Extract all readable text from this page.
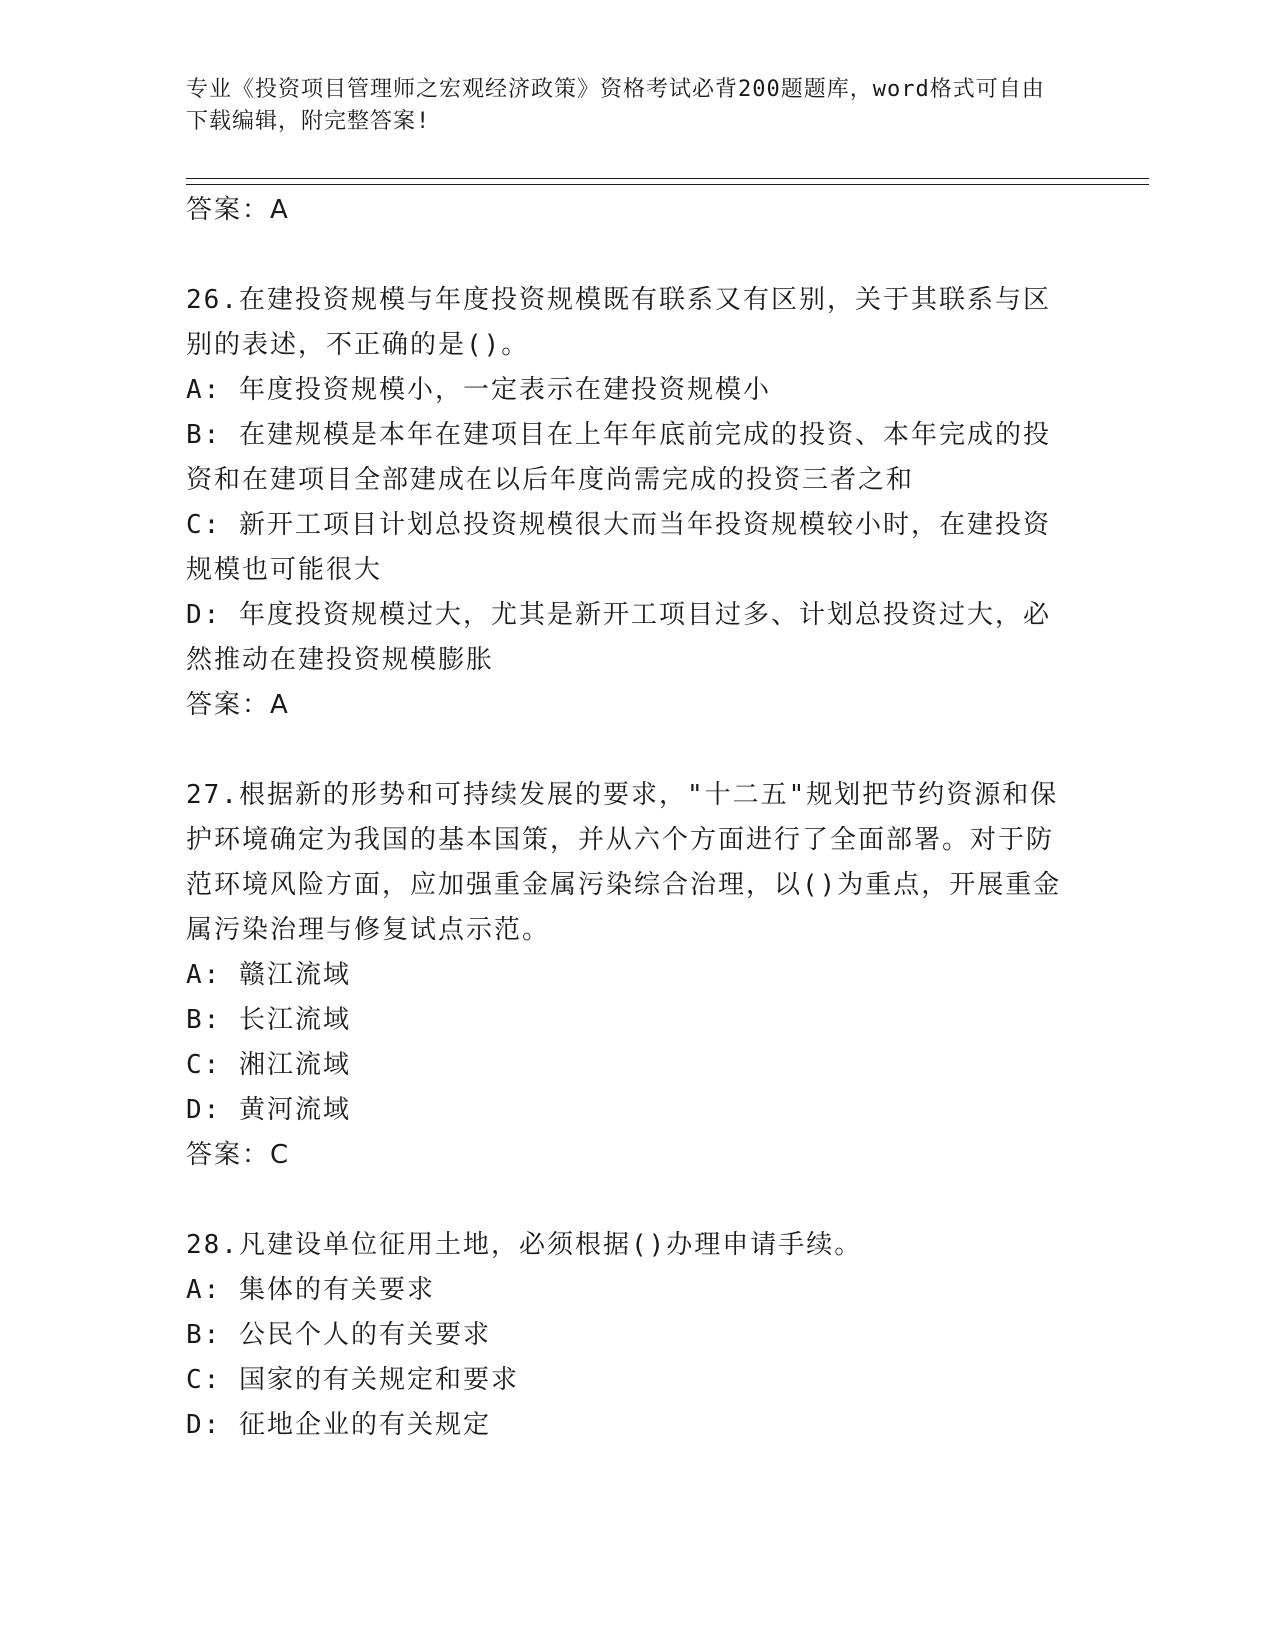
专业《投资项目管理师之宏观经济政策》资格考试必背200题题库，word格式可自由下载编辑，附完整答案!
答案：A
26.在建投资规模与年度投资规模既有联系又有区别，关于其联系与区别的表述，不正确的是()。
A: 年度投资规模小，一定表示在建投资规模小
B: 在建规模是本年在建项目在上年年底前完成的投资、本年完成的投资和在建项目全部建成在以后年度尚需完成的投资三者之和
C: 新开工项目计划总投资规模很大而当年投资规模较小时，在建投资规模也可能很大
D: 年度投资规模过大，尤其是新开工项目过多、计划总投资过大，必然推动在建投资规模膨胀
答案：A
27.根据新的形势和可持续发展的要求，"十二五"规划把节约资源和保护环境确定为我国的基本国策，并从六个方面进行了全面部署。对于防范环境风险方面，应加强重金属污染综合治理，以()为重点，开展重金属污染治理与修复试点示范。
A: 赣江流域
B: 长江流域
C: 湘江流域
D: 黄河流域
答案：C
28.凡建设单位征用土地，必须根据()办理申请手续。
A: 集体的有关要求
B: 公民个人的有关要求
C: 国家的有关规定和要求
D: 征地企业的有关规定
